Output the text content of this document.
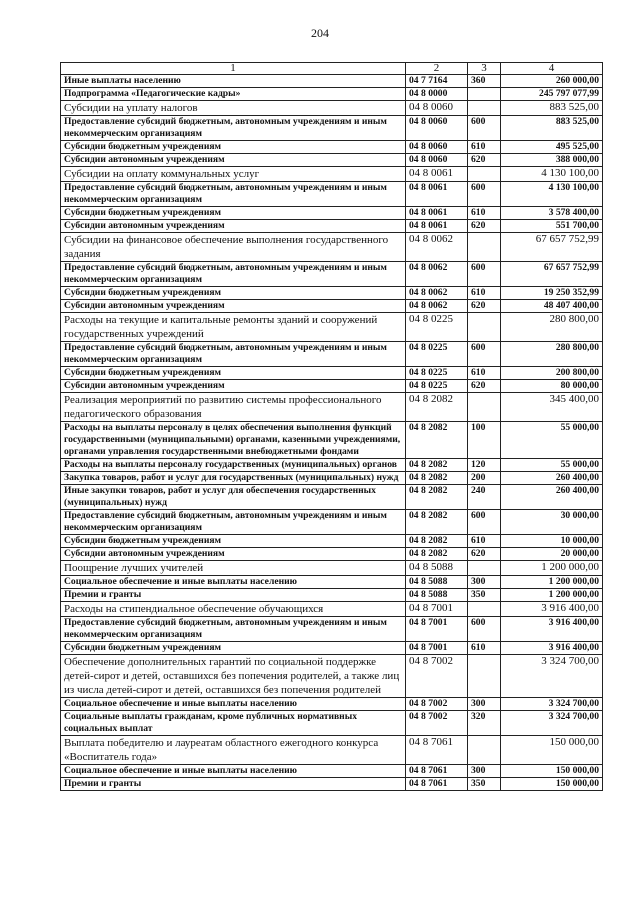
204
1	2	3	4
Иные выплаты населению	04 7 7164	360	260 000,00
Подпрограмма «Педагогические кадры»	04 8 0000		245 797 077,99
Субсидии на уплату налогов	04 8 0060		883 525,00
Предоставление субсидий бюджетным, автономным учреждениям и иным некоммерческим организациям	04 8 0060	600	883 525,00
Субсидии бюджетным учреждениям	04 8 0060	610	495 525,00
Субсидии автономным учреждениям	04 8 0060	620	388 000,00
Субсидии на оплату коммунальных услуг	04 8 0061		4 130 100,00
Предоставление субсидий бюджетным, автономным учреждениям и иным некоммерческим организациям	04 8 0061	600	4 130 100,00
Субсидии бюджетным учреждениям	04 8 0061	610	3 578 400,00
Субсидии автономным учреждениям	04 8 0061	620	551 700,00
Субсидии на финансовое обеспечение выполнения государственного задания	04 8 0062		67 657 752,99
Предоставление субсидий бюджетным, автономным учреждениям и иным некоммерческим организациям	04 8 0062	600	67 657 752,99
Субсидии бюджетным учреждениям	04 8 0062	610	19 250 352,99
Субсидии автономным учреждениям	04 8 0062	620	48 407 400,00
Расходы на текущие и капитальные ремонты зданий и сооружений государственных учреждений	04 8 0225		280 800,00
Предоставление субсидий бюджетным, автономным учреждениям и иным некоммерческим организациям	04 8 0225	600	280 800,00
Субсидии бюджетным учреждениям	04 8 0225	610	200 800,00
Субсидии автономным учреждениям	04 8 0225	620	80 000,00
Реализация мероприятий по развитию системы профессионального педагогического образования	04 8 2082		345 400,00
Расходы на выплаты персоналу в целях обеспечения выполнения функций государственными (муниципальными) органами, казенными учреждениями, органами управления государственными внебюджетными фондами	04 8 2082	100	55 000,00
Расходы на выплаты персоналу государственных (муниципальных) органов	04 8 2082	120	55 000,00
Закупка товаров, работ и услуг для государственных (муниципальных) нужд	04 8 2082	200	260 400,00
Иные закупки товаров, работ и услуг для обеспечения государственных (муниципальных) нужд	04 8 2082	240	260 400,00
Предоставление субсидий бюджетным, автономным учреждениям и иным некоммерческим организациям	04 8 2082	600	30 000,00
Субсидии бюджетным учреждениям	04 8 2082	610	10 000,00
Субсидии автономным учреждениям	04 8 2082	620	20 000,00
Поощрение лучших учителей	04 8 5088		1 200 000,00
Социальное обеспечение и иные выплаты населению	04 8 5088	300	1 200 000,00
Премии и гранты	04 8 5088	350	1 200 000,00
Расходы на стипендиальное обеспечение обучающихся	04 8 7001		3 916 400,00
Предоставление субсидий бюджетным, автономным учреждениям и иным некоммерческим организациям	04 8 7001	600	3 916 400,00
Субсидии бюджетным учреждениям	04 8 7001	610	3 916 400,00
Обеспечение дополнительных гарантий по социальной поддержке детей-сирот и детей, оставшихся без попечения родителей, а также лиц из числа детей-сирот и детей, оставшихся без попечения родителей	04 8 7002		3 324 700,00
Социальное обеспечение и иные выплаты населению	04 8 7002	300	3 324 700,00
Социальные выплаты гражданам, кроме публичных нормативных социальных выплат	04 8 7002	320	3 324 700,00
Выплата победителю и лауреатам областного ежегодного конкурса «Воспитатель года»	04 8 7061		150 000,00
Социальное обеспечение и иные выплаты населению	04 8 7061	300	150 000,00
Премии и гранты	04 8 7061	350	150 000,00
